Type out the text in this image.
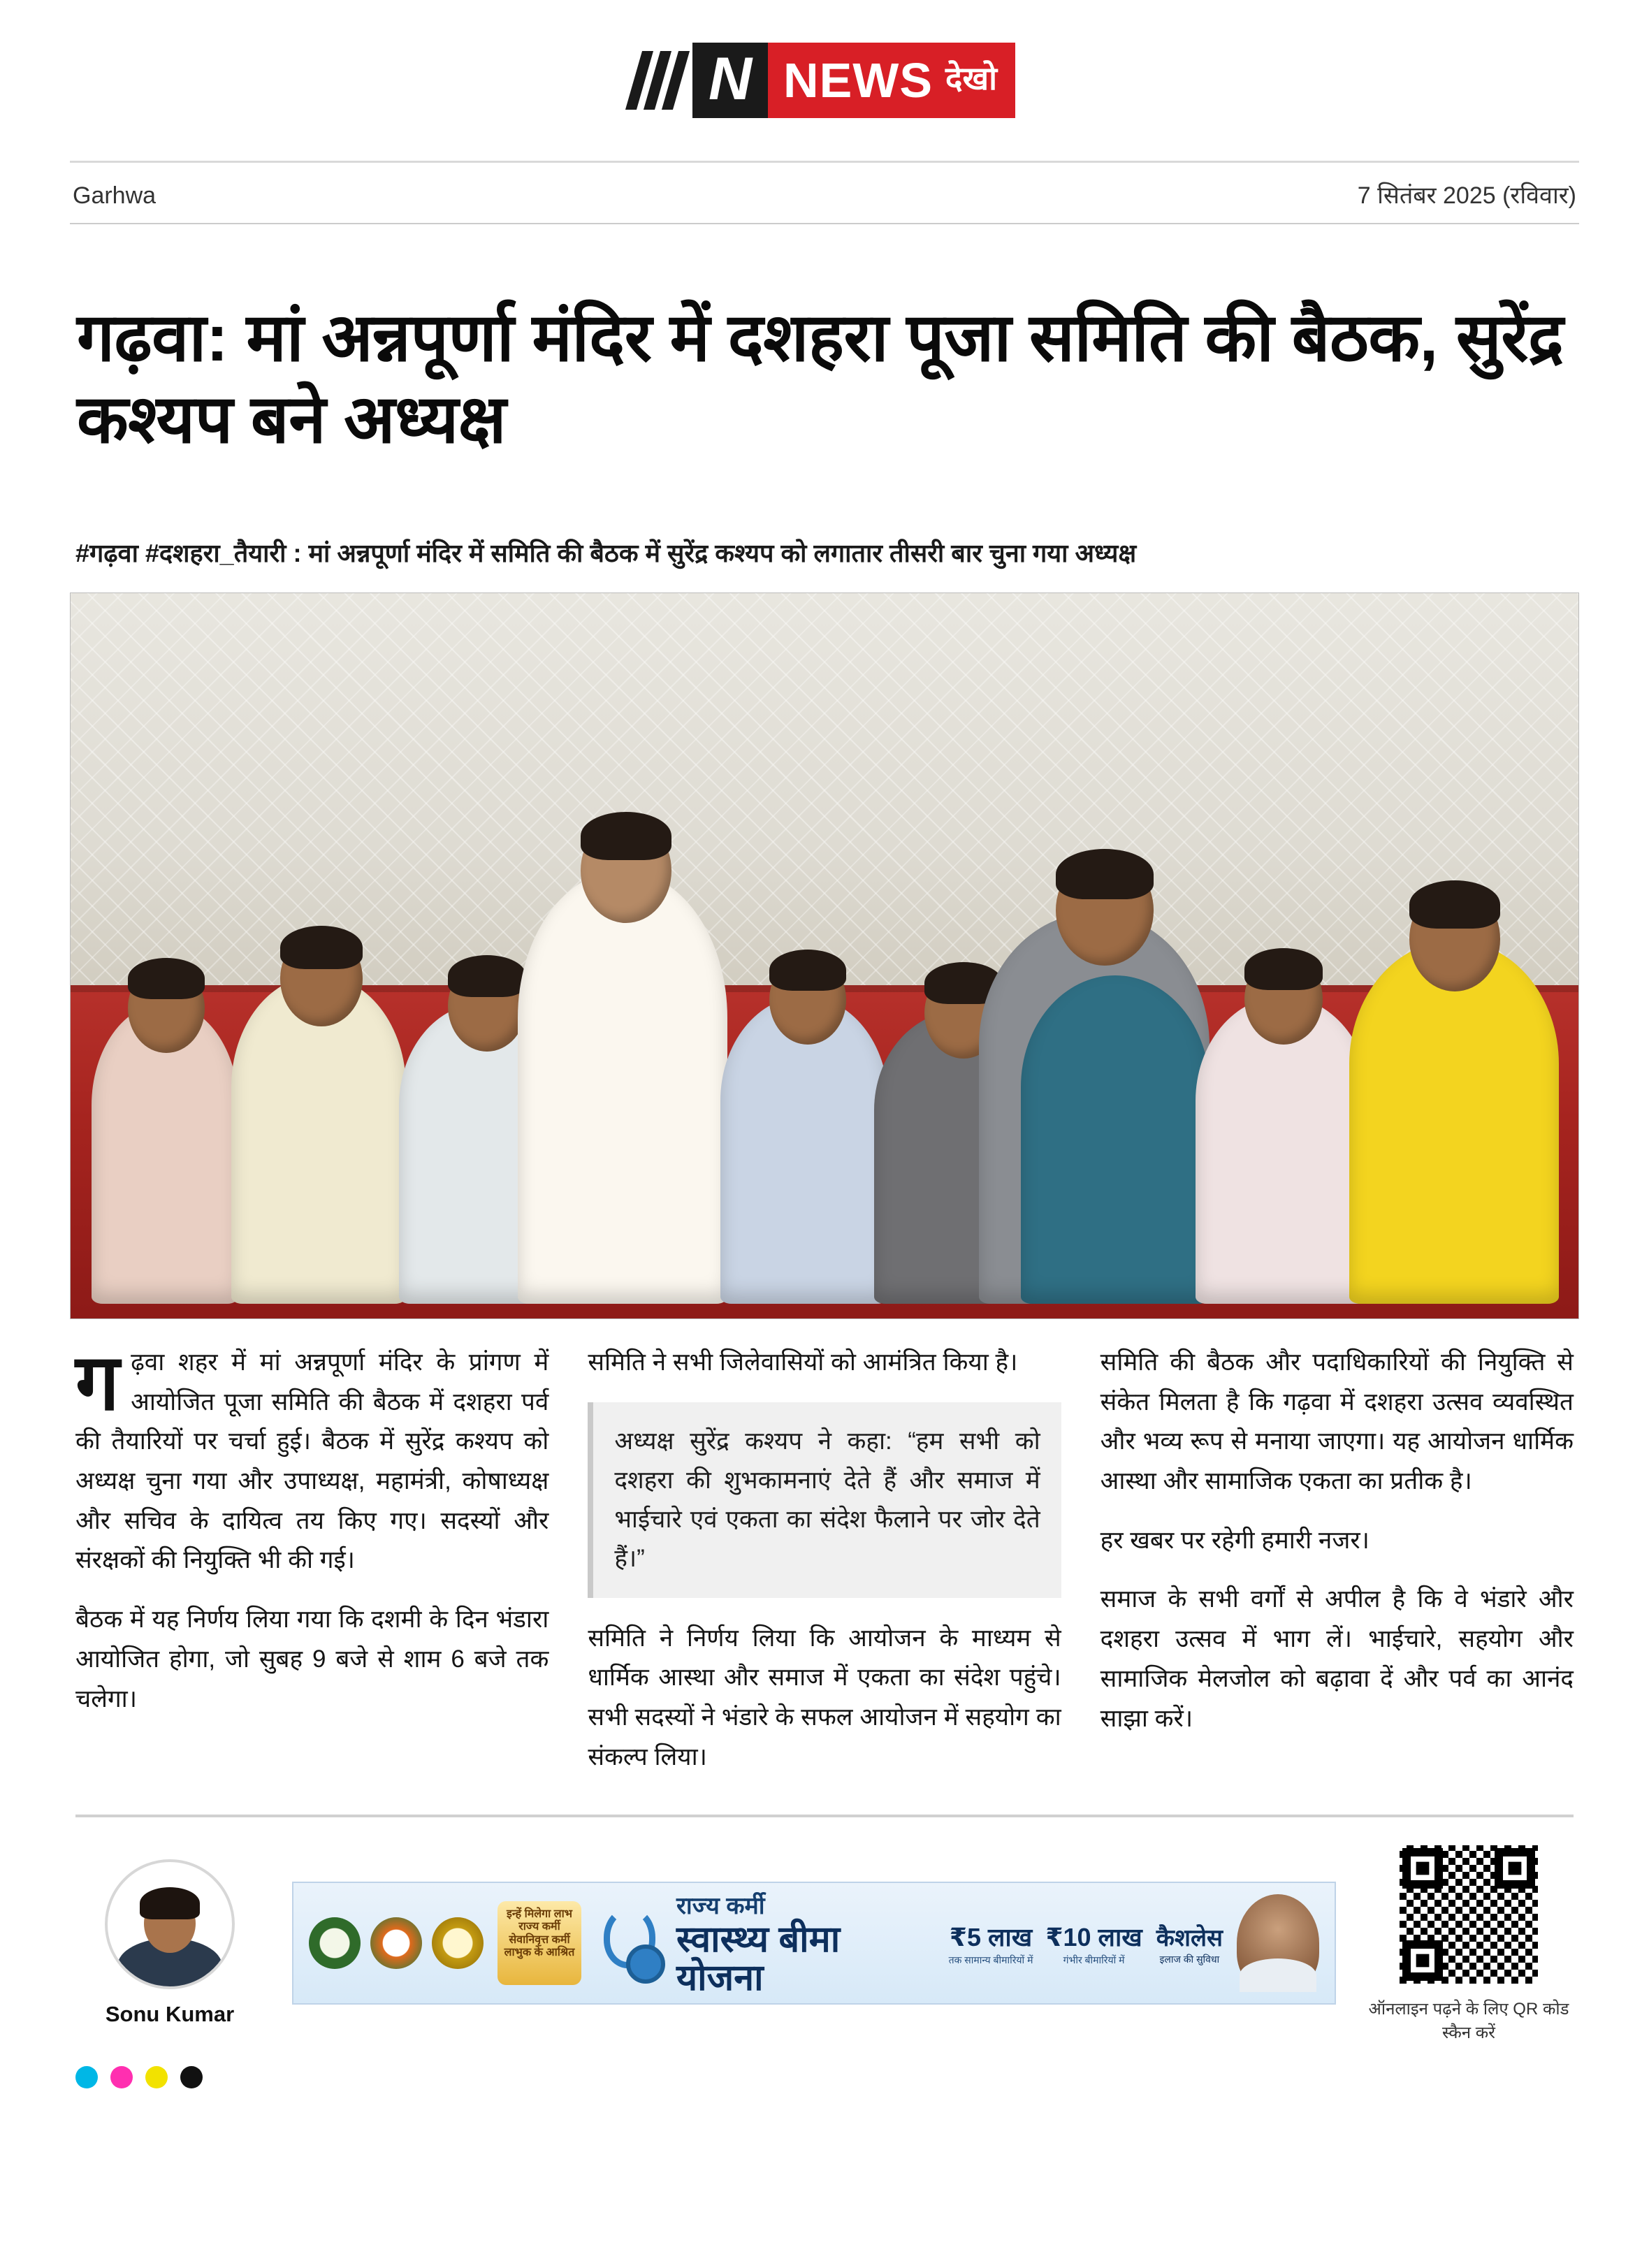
N NEWS देखो
Garhwa	7 सितंबर 2025 (रविवार)
गढ़वा: मां अन्नपूर्णा मंदिर में दशहरा पूजा समिति की बैठक, सुरेंद्र कश्यप बने अध्यक्ष
#गढ़वा #दशहरा_तैयारी : मां अन्नपूर्णा मंदिर में समिति की बैठक में सुरेंद्र कश्यप को लगातार तीसरी बार चुना गया अध्यक्ष

गढ़वा शहर में मां अन्नपूर्णा मंदिर के प्रांगण में आयोजित पूजा समिति की बैठक में दशहरा पर्व की तैयारियों पर चर्चा हुई। बैठक में सुरेंद्र कश्यप को अध्यक्ष चुना गया और उपाध्यक्ष, महामंत्री, कोषाध्यक्ष और सचिव के दायित्व तय किए गए। सदस्यों और संरक्षकों की नियुक्ति भी की गई।

बैठक में यह निर्णय लिया गया कि दशमी के दिन भंडारा आयोजित होगा, जो सुबह 9 बजे से शाम 6 बजे तक चलेगा।

समिति ने सभी जिलेवासियों को आमंत्रित किया है।

अध्यक्ष सुरेंद्र कश्यप ने कहा: “हम सभी को दशहरा की शुभकामनाएं देते हैं और समाज में भाईचारे एवं एकता का संदेश फैलाने पर जोर देते हैं।”

समिति ने निर्णय लिया कि आयोजन के माध्यम से धार्मिक आस्था और समाज में एकता का संदेश पहुंचे। सभी सदस्यों ने भंडारे के सफल आयोजन में सहयोग का संकल्प लिया।

समिति की बैठक और पदाधिकारियों की नियुक्ति से संकेत मिलता है कि गढ़वा में दशहरा उत्सव व्यवस्थित और भव्य रूप से मनाया जाएगा। यह आयोजन धार्मिक आस्था और सामाजिक एकता का प्रतीक है।

हर खबर पर रहेगी हमारी नजर।

समाज के सभी वर्गों से अपील है कि वे भंडारे और दशहरा उत्सव में भाग लें। भाईचारे, सहयोग और सामाजिक मेलजोल को बढ़ावा दें और पर्व का आनंद साझा करें।

Sonu Kumar
इन्हें मिलेगा लाभ राज्य कर्मी सेवानिवृत्त कर्मी लाभुक के आश्रित
राज्य कर्मी
स्वास्थ्य बीमा योजना
₹5 लाख
तक सामान्य बीमारियों में
₹10 लाख
गंभीर बीमारियों में
कैशलेस
इलाज की सुविधा
ऑनलाइन पढ़ने के लिए QR कोड स्कैन करें
